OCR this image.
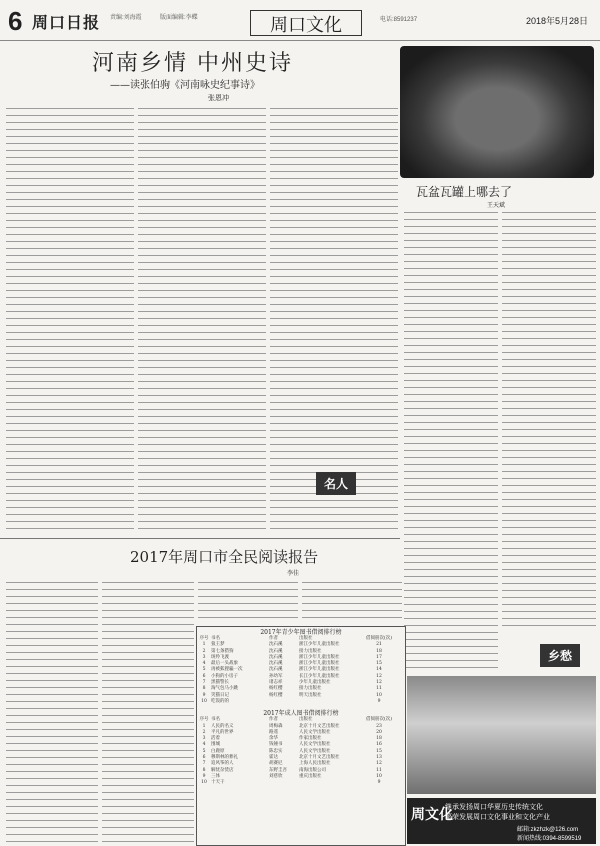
6 周口日报 责编:刘海霞	版面编辑:李蝶	周口文化	电话:8591237	2018年5月28日
河南乡情 中州史诗
——读张伯驹《河南咏史纪事诗》
张恩冲
瓦盆瓦罐上哪去了
王天斌
名人
乡愁
2017年周口市全民阅读报告
李佳
2017年青少年图书借阅排行榜
序号 书名	作者	出版社	借阅册次(次)
1	狼王梦	沈石溪	浙江少年儿童出版社	21
2	第七条猎狗	沈石溪	接力出版社	18
3	斑羚飞渡	沈石溪	浙江少年儿童出版社	17
4	最后一头战象	沈石溪	浙江少年儿童出版社	15
5	再被狐狸骗一次	沈石溪	浙江少年儿童出版社	14
6	小狗的小房子	孙幼军	长江少年儿童出版社	12
7	黑猫警长	诸志祥	少年儿童出版社	12
8	淘气包马小跳	杨红樱	接力出版社	11
9	笑猫日记	杨红樱	明天出版社	10
10 吃饭的的	9
2017年成人图书借阅排行榜
序号 书名	作者	出版社	借阅册次(次)
1	人民的名义	周梅森	北京十月文艺出版社	23
2	平凡的世界	路遥	人民文学出版社	20
3	活着	余华	作家出版社	18
4	围城	钱锺书	人民文学出版社	16
5	白鹿原	陈忠实	人民文学出版社	15
6	穆斯林的葬礼	霍达	北京十月文艺出版社	13
7	追风筝的人	胡赛尼	上海人民出版社	12
8	解忧杂货店	东野圭吾	南海出版公司	11
9	三体	刘慈欣	重庆出版社	10
10 十天干	9
周文化
继承发扬周口华夏历史传统文化
繁荣发展周口文化事业和文化产业
邮箱:zkzhzk@126.com
新闻热线:0394-8599519
